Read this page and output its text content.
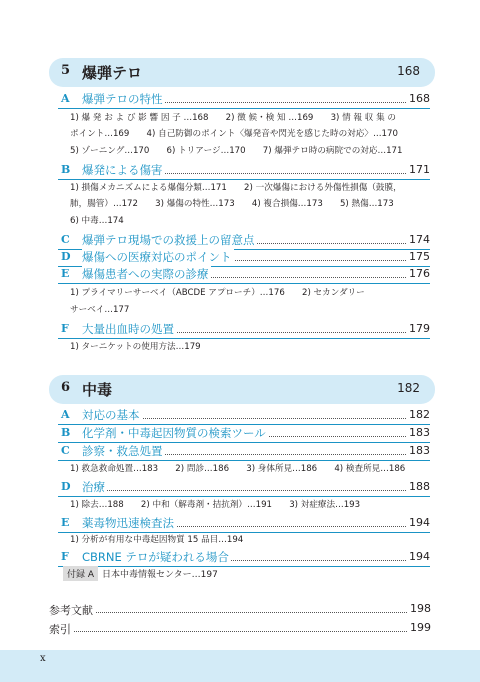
5 爆弾テロ	168
A 爆弾テロの特性	168
1) 爆 発 お よ び 影 響 因 子 …168　　2) 徴 候・検 知 …169　　3) 情 報 収 集 の
ポイント…169　　4) 自己防御のポイント〈爆発音や閃光を感じた時の対応〉…170
5) ゾーニング…170　　6) トリアージ…170　　7) 爆弾テロ時の病院での対応…171
B 爆発による傷害	171
1) 損傷メカニズムによる爆傷分類…171　　2) 一次爆傷における外傷性損傷（鼓膜，
肺，腸管）…172　　3) 爆傷の特性…173　　4) 複合損傷…173　　5) 熱傷…173
6) 中毒…174
C 爆弾テロ現場での救援上の留意点	174
D 爆傷への医療対応のポイント	175
E 爆傷患者への実際の診療	176
1) プライマリーサーベイ（ABCDE アプローチ）…176　　2) セカンダリー
サーベイ…177
F 大量出血時の処置	179
1) ターニケットの使用方法…179
6 中毒	182
A 対応の基本	182
B 化学剤・中毒起因物質の検索ツール	183
C 診察・救急処置	183
1) 救急救命処置…183　　2) 問診…186　　3) 身体所見…186　　4) 検査所見…186
D 治療	188
1) 除去…188　　2) 中和（解毒剤・拮抗剤）…191　　3) 対症療法…193
E 薬毒物迅速検査法	194
1) 分析が有用な中毒起因物質 15 品目…194
F CBRNE テロが疑われる場合	194
付録 A 日本中毒情報センター…197
参考文献	198
索引	199
x
